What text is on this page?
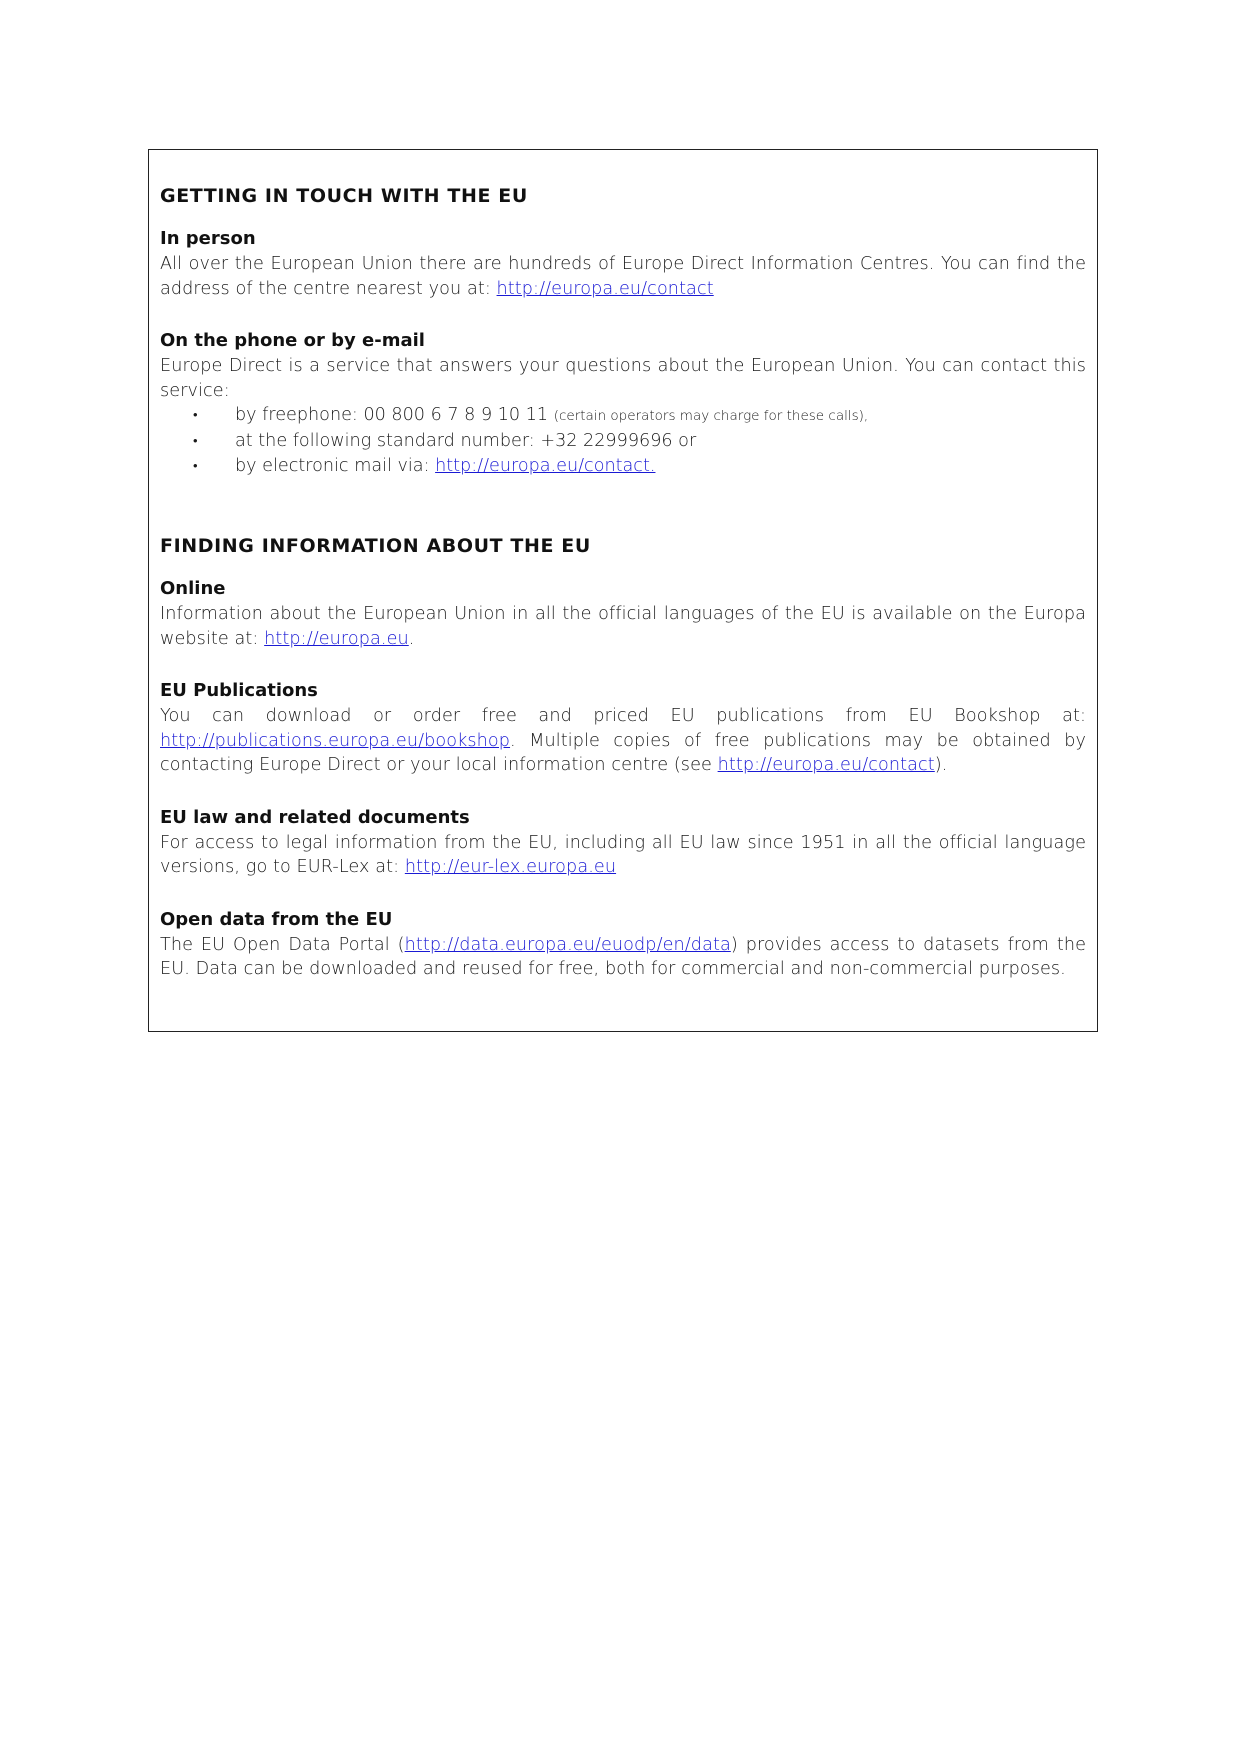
GETTING IN TOUCH WITH THE EU
In person

All over the European Union there are hundreds of Europe Direct Information Centres. You can find the address of the centre nearest you at: http://europa.eu/contact

On the phone or by e-mail

Europe Direct is a service that answers your questions about the European Union. You can contact this service:

• by freephone: 00 800 6 7 8 9 10 11 (certain operators may charge for these calls),
• at the following standard number: +32 22999696 or
• by electronic mail via: http://europa.eu/contact.
FINDING INFORMATION ABOUT THE EU
Online

Information about the European Union in all the official languages of the EU is available on the Europa website at: http://europa.eu.

EU Publications

You can download or order free and priced EU publications from EU Bookshop at: http://publications.europa.eu/bookshop. Multiple copies of free publications may be obtained by contacting Europe Direct or your local information centre (see http://europa.eu/contact).

EU law and related documents

For access to legal information from the EU, including all EU law since 1951 in all the official language versions, go to EUR-Lex at: http://eur-lex.europa.eu

Open data from the EU

The EU Open Data Portal (http://data.europa.eu/euodp/en/data) provides access to datasets from the EU. Data can be downloaded and reused for free, both for commercial and non-commercial purposes.
